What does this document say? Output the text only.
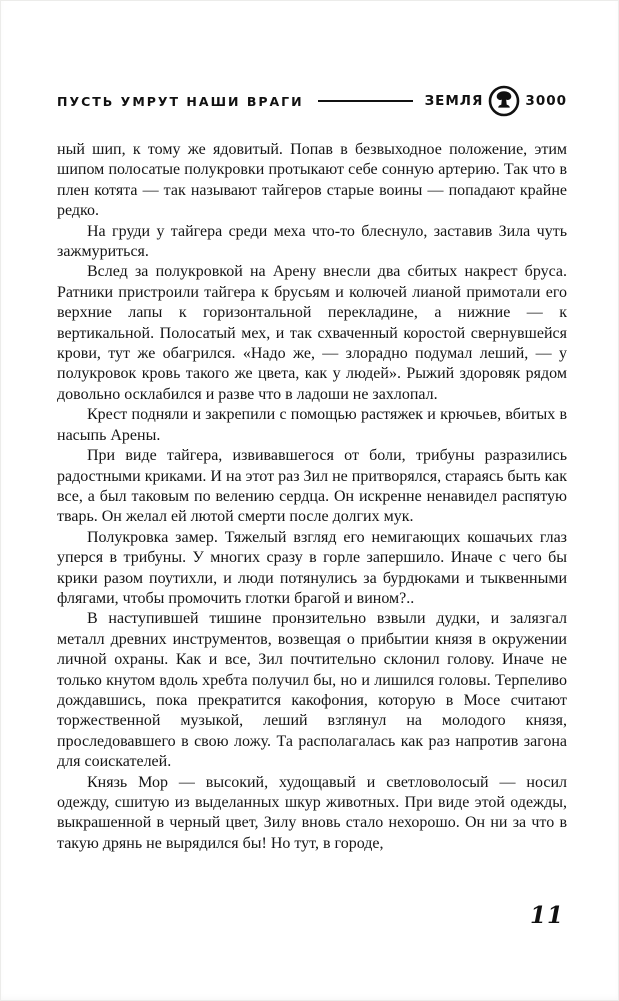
ПУСТЬ УМРУТ НАШИ ВРАГИ	ЗЕМЛЯ	3000

ный шип, к тому же ядовитый. Попав в безвыходное положение, этим шипом полосатые полукровки протыкают себе сонную артерию. Так что в плен котята — так называют тайгеров старые воины — попадают крайне редко.

На груди у тайгера среди меха что-то блеснуло, заставив Зила чуть зажмуриться.

Вслед за полукровкой на Арену внесли два сбитых накрест бруса. Ратники пристроили тайгера к брусьям и колючей лианой примотали его верхние лапы к горизонтальной перекладине, а нижние — к вертикальной. Полосатый мех, и так схваченный коростой свернувшейся крови, тут же обагрился. «Надо же, — злорадно подумал леший, — у полукровок кровь такого же цвета, как у людей». Рыжий здоровяк рядом довольно осклабился и разве что в ладоши не захлопал.

Крест подняли и закрепили с помощью растяжек и крючьев, вбитых в насыпь Арены.

При виде тайгера, извивавшегося от боли, трибуны разразились радостными криками. И на этот раз Зил не притворялся, стараясь быть как все, а был таковым по велению сердца. Он искренне ненавидел распятую тварь. Он желал ей лютой смерти после долгих мук.

Полукровка замер. Тяжелый взгляд его немигающих кошачьих глаз уперся в трибуны. У многих сразу в горле запершило. Иначе с чего бы крики разом поутихли, и люди потянулись за бурдюками и тыквенными флягами, чтобы промочить глотки брагой и вином?..

В наступившей тишине пронзительно взвыли дудки, и залязгал металл древних инструментов, возвещая о прибытии князя в окружении личной охраны. Как и все, Зил почтительно склонил голову. Иначе не только кнутом вдоль хребта получил бы, но и лишился головы. Терпеливо дождавшись, пока прекратится какофония, которую в Мосе считают торжественной музыкой, леший взглянул на молодого князя, проследовавшего в свою ложу. Та располагалась как раз напротив загона для соискателей.

Князь Мор — высокий, худощавый и светловолосый — носил одежду, сшитую из выделанных шкур животных. При виде этой одежды, выкрашенной в черный цвет, Зилу вновь стало нехорошо. Он ни за что в такую дрянь не вырядился бы! Но тут, в городе,

11
